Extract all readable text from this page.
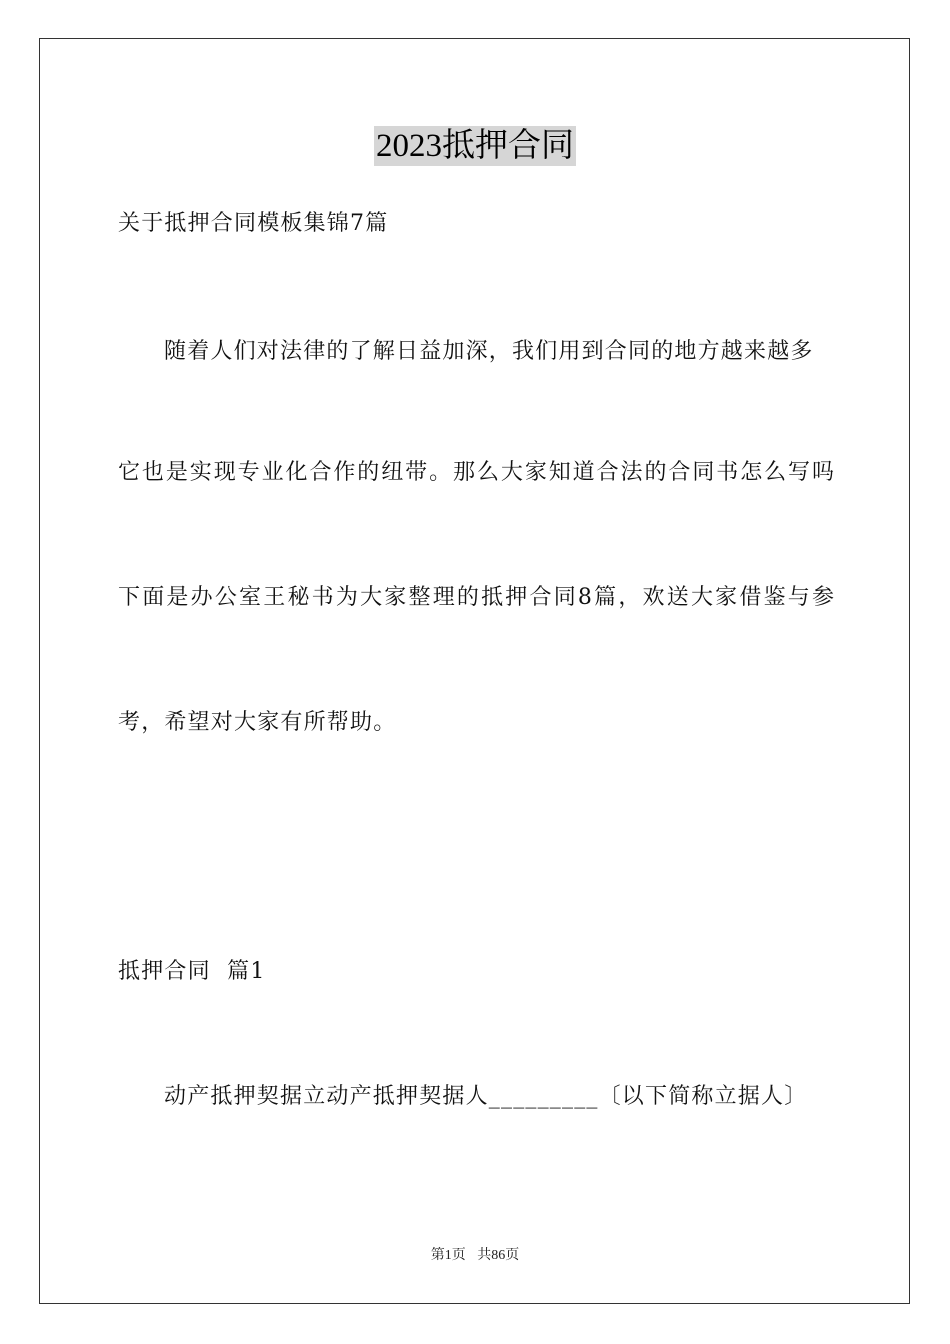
2023抵押合同
关于抵押合同模板集锦7篇
随着人们对法律的了解日益加深，我们用到合同的地方越来越多
它也是实现专业化合作的纽带。那么大家知道合法的合同书怎么写吗
下面是办公室王秘书为大家整理的抵押合同8篇，欢送大家借鉴与参
考，希望对大家有所帮助。
抵押合同  篇1
动产抵押契据立动产抵押契据人_________〔以下简称立据人〕
第1页 共86页
